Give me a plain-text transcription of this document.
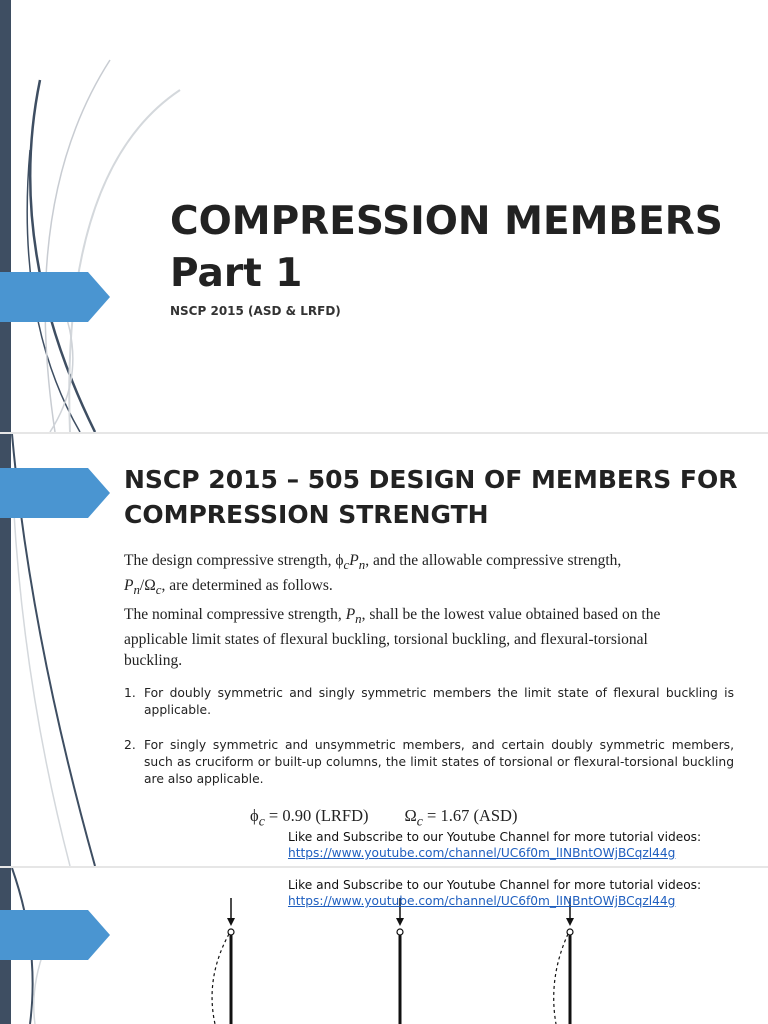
COMPRESSION MEMBERS
Part 1
NSCP 2015 (ASD & LRFD)
NSCP 2015 – 505 DESIGN OF MEMBERS FOR
COMPRESSION STRENGTH

The design compressive strength, $\phi_cP_n$, and the allowable compressive strength,
$P_n/\Omega_c$, are determined as follows.

The nominal compressive strength, $P_n$, shall be the lowest value obtained based on the applicable limit states of flexural buckling, torsional buckling, and flexural-torsional buckling.

1. For doubly symmetric and singly symmetric members the limit state of flexural buckling is applicable.
2. For singly symmetric and unsymmetric members, and certain doubly symmetric members, such as cruciform or built-up columns, the limit states of torsional or flexural-torsional buckling are also applicable.
$\phi_c = 0.90$ (LRFD) $\Omega_c = 1.67$ (ASD)
Like and Subscribe to our Youtube Channel for more tutorial videos:
https://www.youtube.com/channel/UC6f0m_lINBntOWjBCqzl44g
Like and Subscribe to our Youtube Channel for more tutorial videos:
https://www.youtube.com/channel/UC6f0m_lINBntOWjBCqzl44g
